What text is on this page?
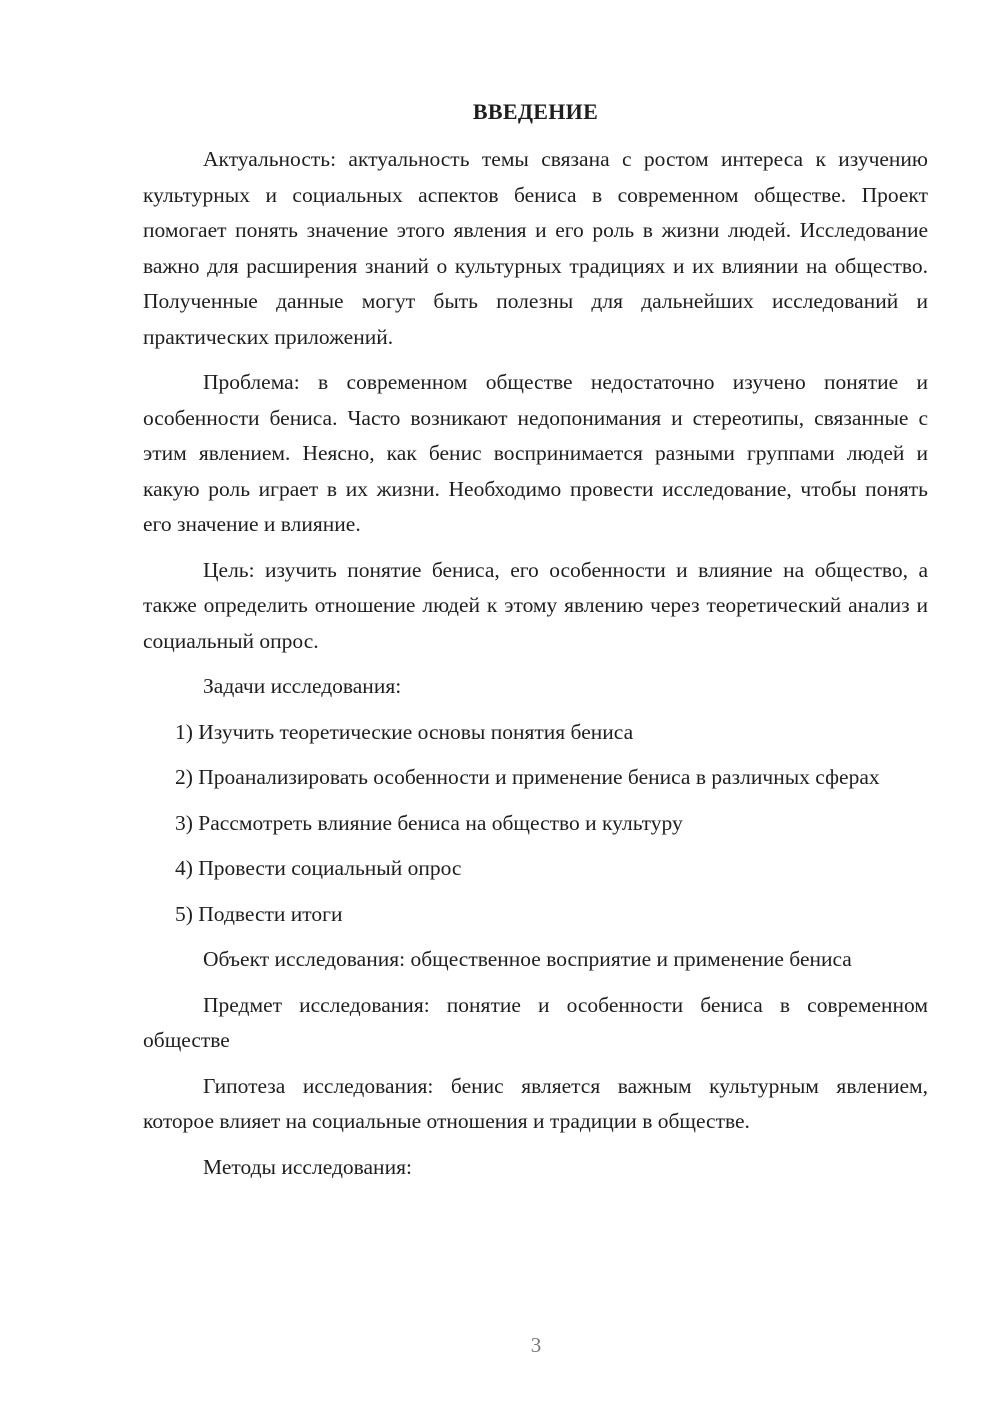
ВВЕДЕНИЕ

Актуальность: актуальность темы связана с ростом интереса к изучению культурных и социальных аспектов бениса в современном обществе. Проект помогает понять значение этого явления и его роль в жизни людей. Исследование важно для расширения знаний о культурных традициях и их влиянии на общество. Полученные данные могут быть полезны для дальнейших исследований и практических приложений.

Проблема: в современном обществе недостаточно изучено понятие и особенности бениса. Часто возникают недопонимания и стереотипы, связанные с этим явлением. Неясно, как бенис воспринимается разными группами людей и какую роль играет в их жизни. Необходимо провести исследование, чтобы понять его значение и влияние.

Цель: изучить понятие бениса, его особенности и влияние на общество, а также определить отношение людей к этому явлению через теоретический анализ и социальный опрос.

Задачи исследования:

1) Изучить теоретические основы понятия бениса

2) Проанализировать особенности и применение бениса в различных сферах

3) Рассмотреть влияние бениса на общество и культуру

4) Провести социальный опрос

5) Подвести итоги

Объект исследования: общественное восприятие и применение бениса

Предмет исследования: понятие и особенности бениса в современном обществе

Гипотеза исследования: бенис является важным культурным явлением, которое влияет на социальные отношения и традиции в обществе.

Методы исследования:

3
